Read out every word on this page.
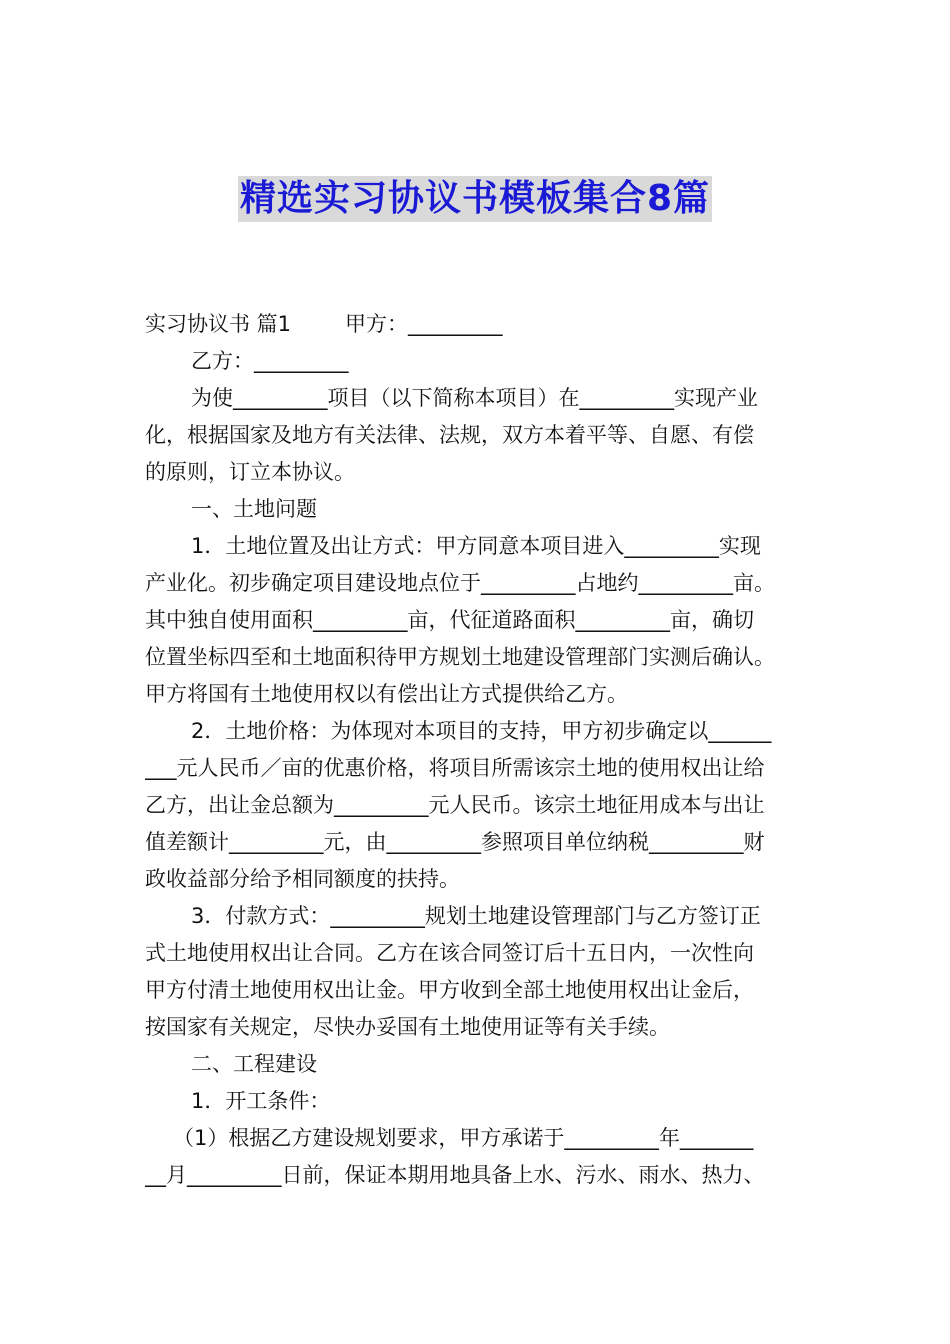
精选实习协议书模板集合8篇
实习协议书 篇1	甲方：_________
乙方：_________
为使_________项目（以下简称本项目）在_________实现产业
化，根据国家及地方有关法律、法规，双方本着平等、自愿、有偿
的原则，订立本协议。
一、土地问题
1．土地位置及出让方式：甲方同意本项目进入_________实现
产业化。初步确定项目建设地点位于_________占地约_________亩。
其中独自使用面积_________亩，代征道路面积_________亩，确切
位置坐标四至和土地面积待甲方规划土地建设管理部门实测后确认。
甲方将国有土地使用权以有偿出让方式提供给乙方。
2．土地价格：为体现对本项目的支持，甲方初步确定以______
___元人民币／亩的优惠价格，将项目所需该宗土地的使用权出让给
乙方，出让金总额为_________元人民币。该宗土地征用成本与出让
值差额计_________元，由_________参照项目单位纳税_________财
政收益部分给予相同额度的扶持。
3．付款方式：_________规划土地建设管理部门与乙方签订正
式土地使用权出让合同。乙方在该合同签订后十五日内，一次性向
甲方付清土地使用权出让金。甲方收到全部土地使用权出让金后，
按国家有关规定，尽快办妥国有土地使用证等有关手续。
二、工程建设
1．开工条件：
（1）根据乙方建设规划要求，甲方承诺于_________年_______
__月_________日前，保证本期用地具备上水、污水、雨水、热力、
